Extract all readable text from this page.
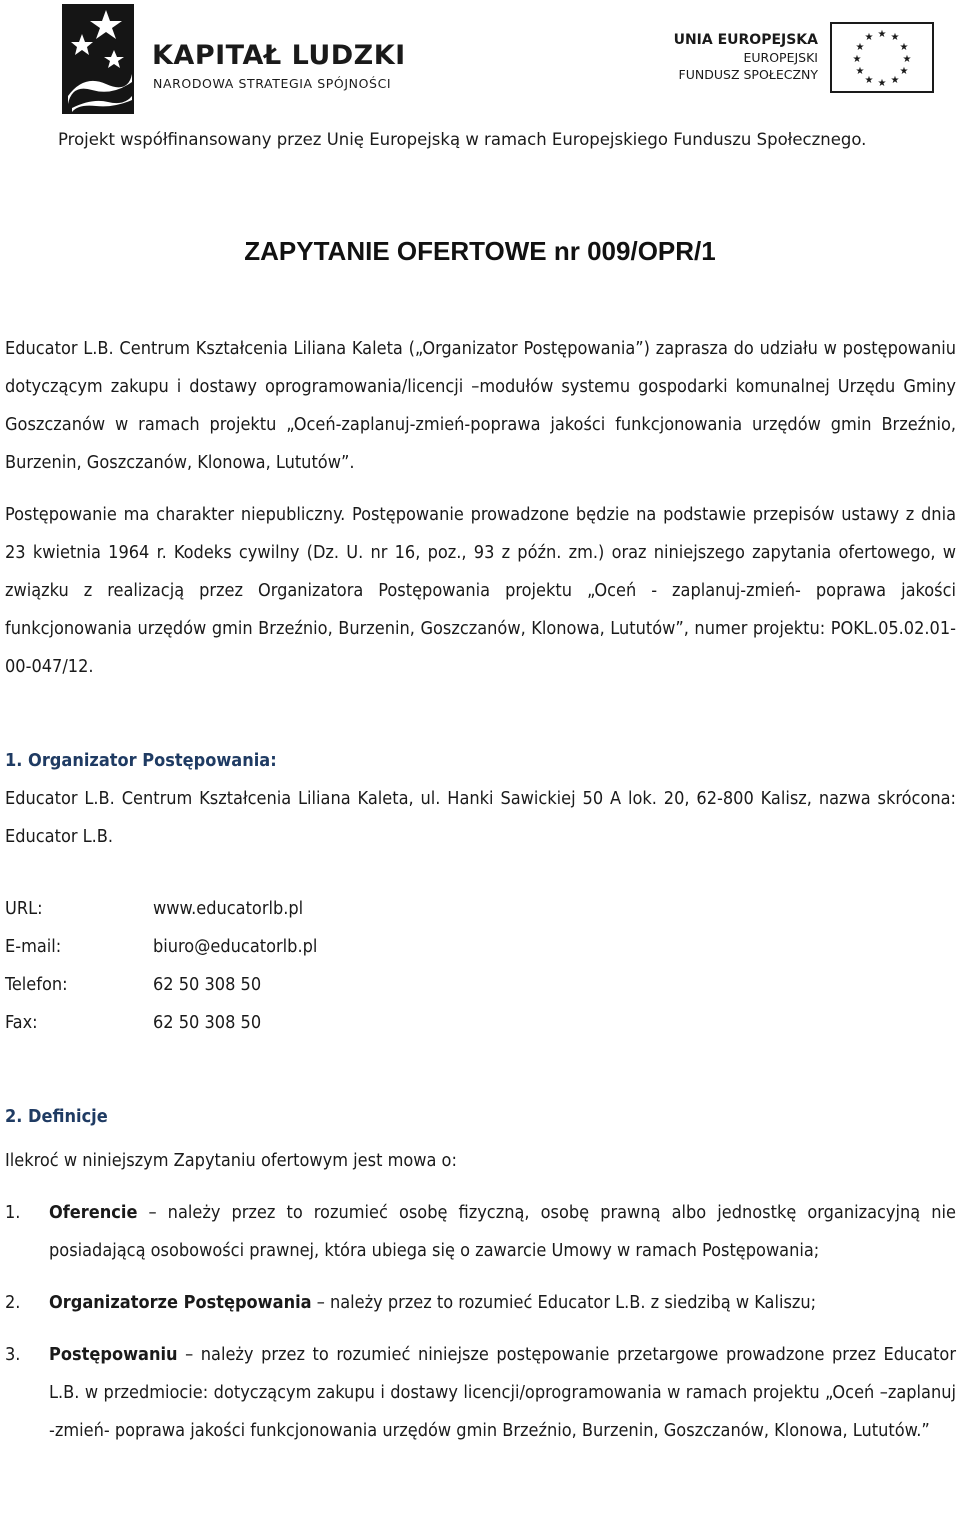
KAPITAŁ LUDZKI
NARODOWA STRATEGIA SPÓJNOŚCI
UNIA EUROPEJSKA
EUROPEJSKI
FUNDUSZ SPOŁECZNY
★ ★
★
★
★
★
★
★
★
★
★
★
Projekt współfinansowany przez Unię Europejską w ramach Europejskiego Funduszu Społecznego.
ZAPYTANIE OFERTOWE nr 009/OPR/1

Educator L.B. Centrum Kształcenia Liliana Kaleta („Organizator Postępowania”) zaprasza do udziału w postępowaniu dotyczącym zakupu i dostawy oprogramowania/licencji –modułów systemu gospodarki komunalnej Urzędu Gminy Goszczanów w ramach projektu „Oceń-zaplanuj-zmień-poprawa jakości funkcjonowania urzędów gmin Brzeźnio, Burzenin, Goszczanów, Klonowa, Lututów”.

Postępowanie ma charakter niepubliczny. Postępowanie prowadzone będzie na podstawie przepisów ustawy z dnia 23 kwietnia 1964 r. Kodeks cywilny (Dz. U. nr 16, poz., 93 z późn. zm.) oraz niniejszego zapytania ofertowego, w związku z realizacją przez Organizatora Postępowania projektu „Oceń - zaplanuj-zmień- poprawa jakości funkcjonowania urzędów gmin Brzeźnio, Burzenin, Goszczanów, Klonowa, Lututów”, numer projektu: POKL.05.02.01-00-047/12.

1. Organizator Postępowania:

Educator L.B. Centrum Kształcenia Liliana Kaleta, ul. Hanki Sawickiej 50 A lok. 20, 62-800 Kalisz, nazwa skrócona: Educator L.B.

URL:	www.educatorlb.pl
E-mail:	biuro@educatorlb.pl
Telefon:	62 50 308 50
Fax:	62 50 308 50
2. Definicje
Ilekroć w niniejszym Zapytaniu ofertowym jest mowa o:
1.	Oferencie – należy przez to rozumieć osobę fizyczną, osobę prawną albo jednostkę organizacyjną nie posiadającą osobowości prawnej, która ubiega się o zawarcie Umowy w ramach Postępowania;
2.	Organizatorze Postępowania – należy przez to rozumieć Educator L.B. z siedzibą w Kaliszu;
3.	Postępowaniu – należy przez to rozumieć niniejsze postępowanie przetargowe prowadzone przez Educator L.B. w przedmiocie: dotyczącym zakupu i dostawy licencji/oprogramowania w ramach projektu „Oceń –zaplanuj -zmień- poprawa jakości funkcjonowania urzędów gmin Brzeźnio, Burzenin, Goszczanów, Klonowa, Lututów.”
